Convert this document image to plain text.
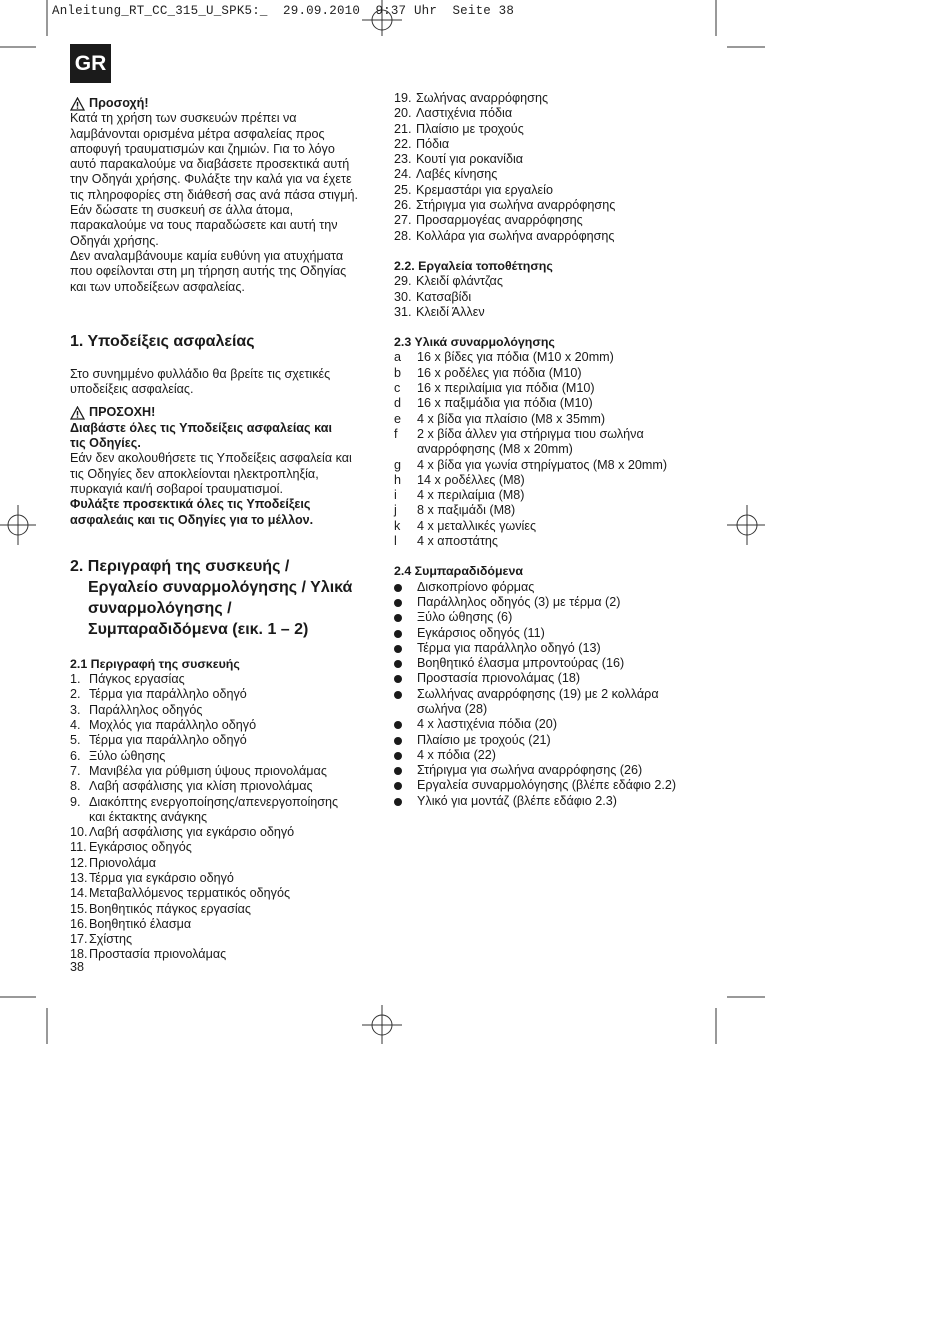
Anleitung_RT_CC_315_U_SPK5:_  29.09.2010  9:37 Uhr  Seite 38
GR
Προσοχή!

Κατά τη χρήση των συσκευών πρέπει να

λαμβάνονται ορισμένα μέτρα ασφαλείας προς

αποφυγή τραυματισμών και ζημιών. Για το λόγο

αυτό παρακαλούμε να διαβάσετε προσεκτικά αυτή

την Οδηγάι χρήσης. Φυλάξτε την καλά για να έχετε

τις πληροφορίες στη διάθεσή σας ανά πάσα στιγμή.

Εάν δώσατε τη συσκευή σε άλλα άτομα,

παρακαλούμε να τους παραδώσετε και αυτή την

Οδηγάι χρήσης.

Δεν αναλαμβάνουμε καμία ευθύνη για ατυχήματα

που οφείλονται στη μη τήρηση αυτής της Οδηγίας

και των υποδείξεων ασφαλείας.

1. Υποδείξεις ασφαλείας

Στο συνημμένο φυλλάδιο θα βρείτε τις σχετικές

υποδείξεις ασφαλείας.

ΠΡΟΣΟΧΗ!

Διαβάστε όλες τις Υποδείξεις ασφαλείας και

τις Οδηγίες.

Εάν δεν ακολουθήσετε τις Υποδείξεις ασφαλεία και

τις Οδηγίες δεν αποκλείονται ηλεκτροπληξία,

πυρκαγιά και/ή σοβαροί τραυματισμοί.

Φυλάξτε προσεκτικά όλες τις Υποδείξεις

ασφαλεάις και τις Οδηγίες για το μέλλον.

2. Περιγραφή της συσκευής /
Εργαλείο συναρμολόγησης / Υλικά
συναρμολόγησης /
Συμπαραδιδόμενα (εικ. 1 – 2)
2.1 Περιγραφή της συσκευής
1. Πάγκος εργασίας
2. Τέρμα για παράλληλο οδηγό
3. Παράλληλος οδηγός
4. Μοχλός για παράλληλο οδηγό
5. Τέρμα για παράλληλο οδηγό
6. Ξύλο ώθησης
7. Μανιβέλα για ρύθμιση ύψους πριονολάμας
8. Λαβή ασφάλισης για κλίση πριονολάμας
9. Διακόπτης ενεργοποίησης/απενεργοποίησης
και έκτακτης ανάγκης
10. Λαβή ασφάλισης για εγκάρσιο οδηγό
11. Εγκάρσιος οδηγός
12. Πριονολάμα
13. Τέρμα για εγκάρσιο οδηγό
14. Μεταβαλλόμενος τερματικός οδηγός
15. Βοηθητικός πάγκος εργασίας
16. Βοηθητικό έλασμα
17. Σχίστης
18. Προστασία πριονολάμας
19. Σωλήνας αναρρόφησης
20. Λαστιχένια πόδια
21. Πλαίσιο με τροχούς
22. Πόδια
23. Κουτί για ροκανίδια
24. Λαβές κίνησης
25. Κρεμαστάρι για εργαλείο
26. Στήριγμα για σωλήνα αναρρόφησης
27. Προσαρμογέας αναρρόφησης
28. Κολλάρα για σωλήνα αναρρόφησης
2.2. Εργαλεία τοποθέτησης
29. Κλειδί φλάντζας
30. Κατσαβίδι
31. Κλειδί Άλλεν
2.3 Υλικά συναρμολόγησης
a	16 x βίδες για πόδια (M10 x 20mm)
b	16 x ροδέλες για πόδια (M10)
c	16 x περιλαίμια για πόδια (M10)
d	16 x παξιμάδια για πόδια (M10)
e	4 x βίδα για πλαίσιο (M8 x 35mm)
f	2 x βίδα άλλεν για στήριγμα τιου σωλήνα
αναρρόφησης (M8 x 20mm)
g	4 x βίδα για γωνία στηρίγματος (M8 x 20mm)
h	14 x ροδέλλες (M8)
i	4 x περιλαίμια (M8)
j	8 x παξιμάδι (M8)
k	4 x μεταλλικές γωνίες
l	4 x αποστάτης
2.4 Συμπαραδιδόμενα
Δισκοπρίονο φόρμας
Παράλληλος οδηγός (3) με τέρμα (2)
Ξύλο ώθησης (6)
Εγκάρσιος οδηγός (11)
Τέρμα για παράλληλο οδηγό (13)
Βοηθητικό έλασμα μπροντούρας (16)
Προστασία πριονολάμας (18)
Σωλλήνας αναρρόφησης (19) με 2 κολλάρα
σωλήνα (28)
4 x λαστιχένια πόδια (20)
Πλαίσιο με τροχούς (21)
4 x πόδια (22)
Στήριγμα για σωλήνα αναρρόφησης (26)
Εργαλεία συναρμολόγησης (βλέπε εδάφιο 2.2)
Υλικό για μοντάζ (βλέπε εδάφιο 2.3)
38
